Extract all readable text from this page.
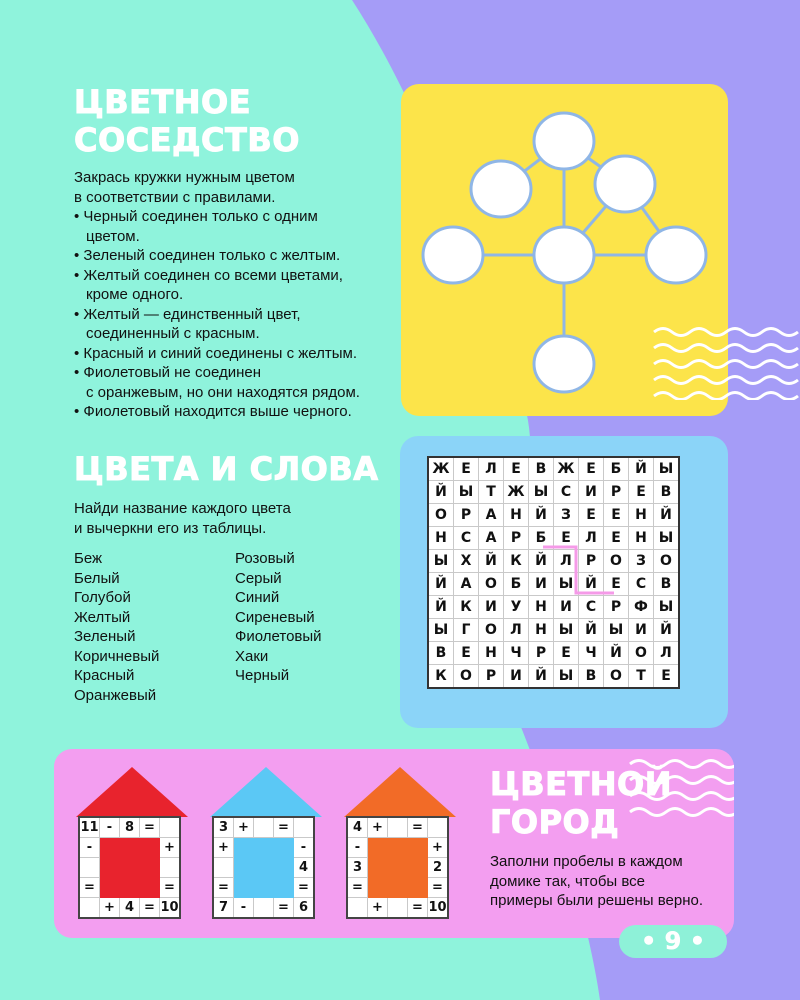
ЦВЕТНОЕ
СОСЕДСТВО
Закрась кружки нужным цветом
в соответствии с правилами.
• Черный соединен только с одним
цветом.
• Зеленый соединен только с желтым.
• Желтый соединен со всеми цветами,
кроме одного.
• Желтый — единственный цвет,
соединенный с красным.
• Красный и синий соединены с желтым.
• Фиолетовый не соединен
с оранжевым, но они находятся рядом.
• Фиолетовый находится выше черного.
ЦВЕТА И СЛОВА
Найди название каждого цвета
и вычеркни его из таблицы.
Беж
Белый
Голубой
Желтый
Зеленый
Коричневый
Красный
Оранжевый
Розовый
Серый
Синий
Сиреневый
Фиолетовый
Хаки
Черный
Ж	Е	Л	Е	В	Ж	Е	Б	Й	Ы
Й	Ы	Т	Ж	Ы	С	И	Р	Е	В
О	Р	А	Н	Й	З	Е	Е	Н	Й
Н	С	А	Р	Б	Е	Л	Е	Н	Ы
Ы	Х	Й	К	Й	Л	Р	О	З	О
Й	А	О	Б	И	Ы	Й	Е	С	В
Й	К	И	У	Н	И	С	Р	Ф	Ы
Ы	Г	О	Л	Н	Ы	Й	Ы	И	Й
В	Е	Н	Ч	Р	Е	Ч	Й	О	Л
К	О	Р	И	Й	Ы	В	О	Т	Е
11	-	8	=	
-				+

=				=
	+	4	=	10
3	+		=	
+				-
				4
=				=
7	-		=	6
4	+		=	
-				+
3				2
=				=
	+		=	10
ЦВЕТНОЙ
ГОРОД
Заполни пробелы в каждом
домике так, чтобы все
примеры были решены верно.
• 9 •
